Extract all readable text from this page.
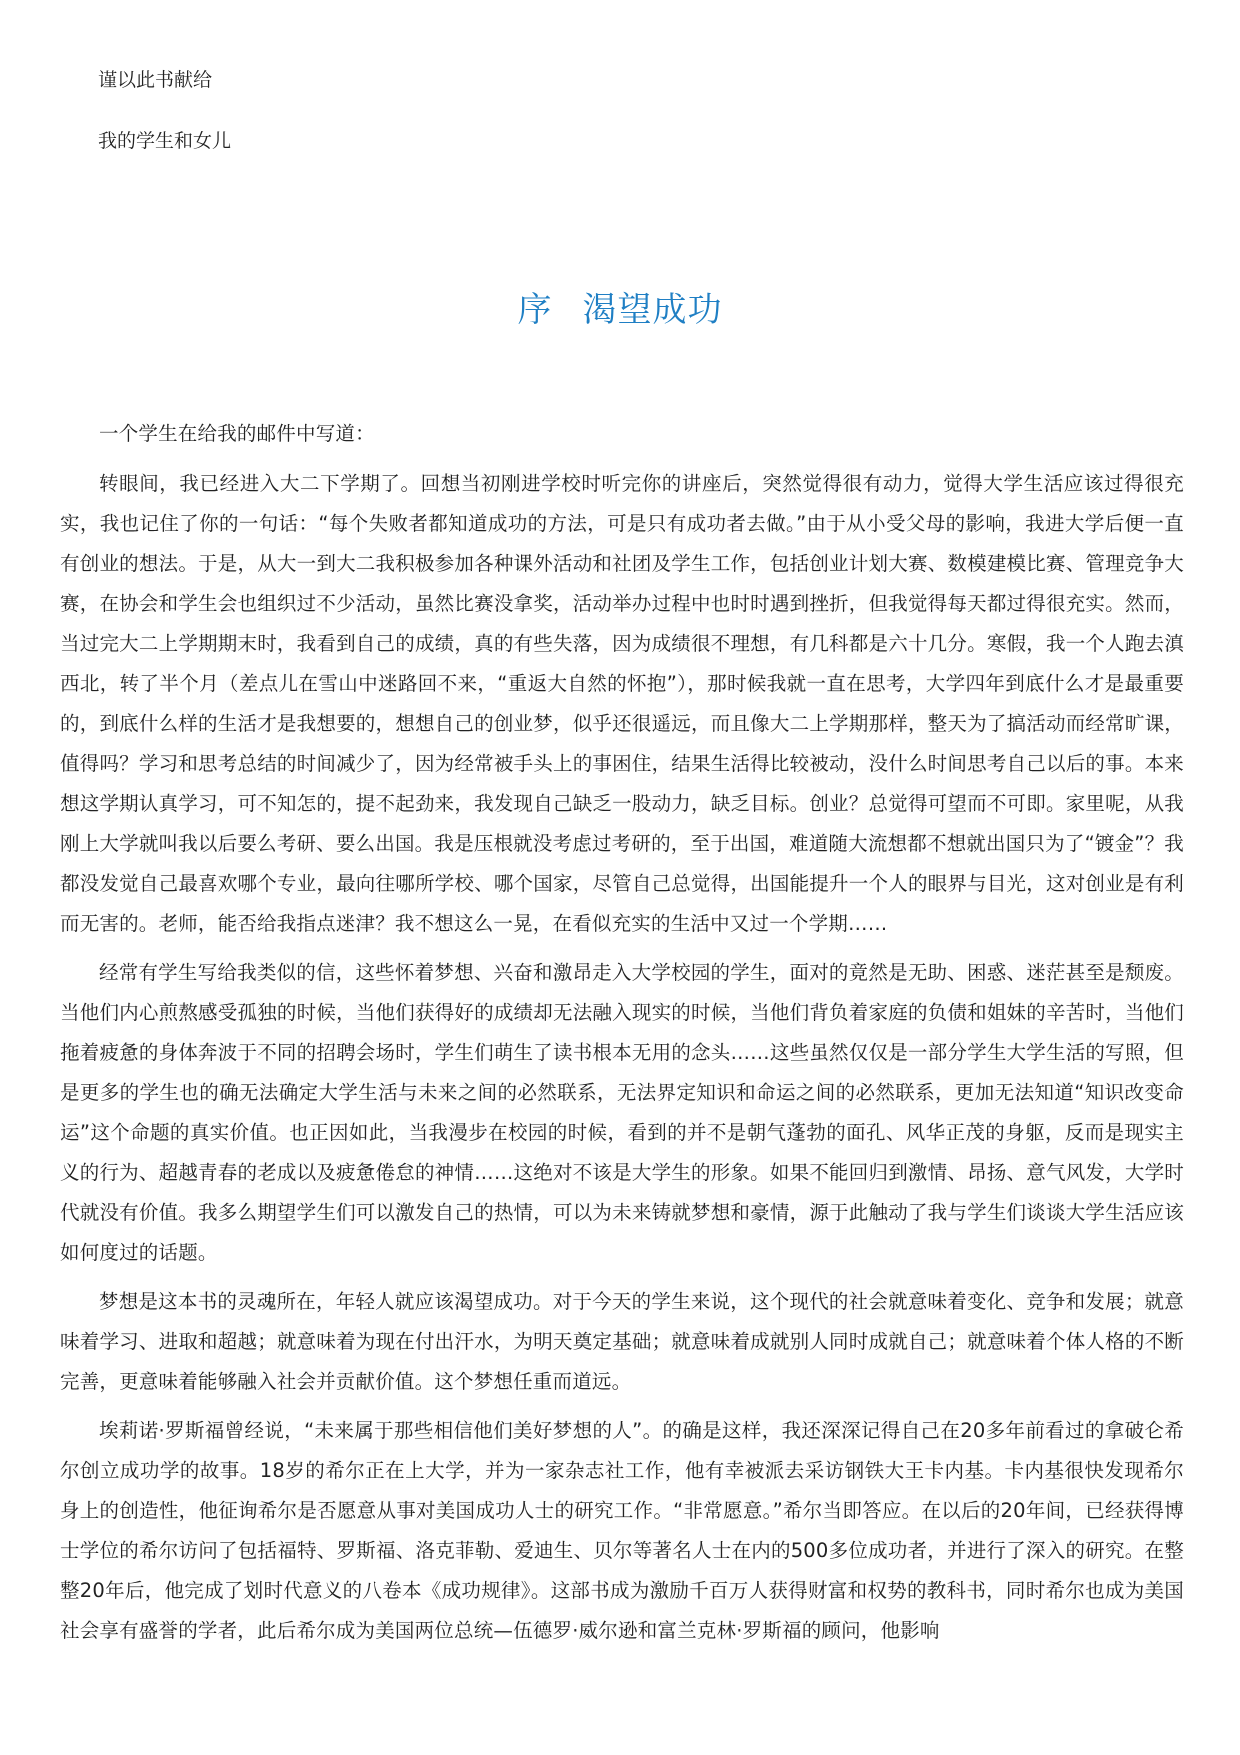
谨以此书献给

我的学生和女儿

序 渴望成功

一个学生在给我的邮件中写道：

转眼间，我已经进入大二下学期了。回想当初刚进学校时听完你的讲座后，突然觉得很有动力，觉得大学生活应该过得很充实，我也记住了你的一句话：“每个失败者都知道成功的方法，可是只有成功者去做。”由于从小受父母的影响，我进大学后便一直有创业的想法。于是，从大一到大二我积极参加各种课外活动和社团及学生工作，包括创业计划大赛、数模建模比赛、管理竞争大赛，在协会和学生会也组织过不少活动，虽然比赛没拿奖，活动举办过程中也时时遇到挫折，但我觉得每天都过得很充实。然而，当过完大二上学期期末时，我看到自己的成绩，真的有些失落，因为成绩很不理想，有几科都是六十几分。寒假，我一个人跑去滇西北，转了半个月（差点儿在雪山中迷路回不来，“重返大自然的怀抱”），那时候我就一直在思考，大学四年到底什么才是最重要的，到底什么样的生活才是我想要的，想想自己的创业梦，似乎还很遥远，而且像大二上学期那样，整天为了搞活动而经常旷课，值得吗？学习和思考总结的时间减少了，因为经常被手头上的事困住，结果生活得比较被动，没什么时间思考自己以后的事。本来想这学期认真学习，可不知怎的，提不起劲来，我发现自己缺乏一股动力，缺乏目标。创业？总觉得可望而不可即。家里呢，从我刚上大学就叫我以后要么考研、要么出国。我是压根就没考虑过考研的，至于出国，难道随大流想都不想就出国只为了“镀金”？我都没发觉自己最喜欢哪个专业，最向往哪所学校、哪个国家，尽管自己总觉得，出国能提升一个人的眼界与目光，这对创业是有利而无害的。老师，能否给我指点迷津？我不想这么一晃，在看似充实的生活中又过一个学期……

经常有学生写给我类似的信，这些怀着梦想、兴奋和激昂走入大学校园的学生，面对的竟然是无助、困惑、迷茫甚至是颓废。当他们内心煎熬感受孤独的时候，当他们获得好的成绩却无法融入现实的时候，当他们背负着家庭的负债和姐妹的辛苦时，当他们拖着疲惫的身体奔波于不同的招聘会场时，学生们萌生了读书根本无用的念头……这些虽然仅仅是一部分学生大学生活的写照，但是更多的学生也的确无法确定大学生活与未来之间的必然联系，无法界定知识和命运之间的必然联系，更加无法知道“知识改变命运”这个命题的真实价值。也正因如此，当我漫步在校园的时候，看到的并不是朝气蓬勃的面孔、风华正茂的身躯，反而是现实主义的行为、超越青春的老成以及疲惫倦怠的神情……这绝对不该是大学生的形象。如果不能回归到激情、昂扬、意气风发，大学时代就没有价值。我多么期望学生们可以激发自己的热情，可以为未来铸就梦想和豪情，源于此触动了我与学生们谈谈大学生活应该如何度过的话题。

梦想是这本书的灵魂所在，年轻人就应该渴望成功。对于今天的学生来说，这个现代的社会就意味着变化、竞争和发展；就意味着学习、进取和超越；就意味着为现在付出汗水，为明天奠定基础；就意味着成就别人同时成就自己；就意味着个体人格的不断完善，更意味着能够融入社会并贡献价值。这个梦想任重而道远。

埃莉诺·罗斯福曾经说，“未来属于那些相信他们美好梦想的人”。的确是这样，我还深深记得自己在20多年前看过的拿破仑希尔创立成功学的故事。18岁的希尔正在上大学，并为一家杂志社工作，他有幸被派去采访钢铁大王卡内基。卡内基很快发现希尔身上的创造性，他征询希尔是否愿意从事对美国成功人士的研究工作。“非常愿意。”希尔当即答应。在以后的20年间，已经获得博士学位的希尔访问了包括福特、罗斯福、洛克菲勒、爱迪生、贝尔等著名人士在内的500多位成功者，并进行了深入的研究。在整整20年后，他完成了划时代意义的八卷本《成功规律》。这部书成为激励千百万人获得财富和权势的教科书，同时希尔也成为美国社会享有盛誉的学者，此后希尔成为美国两位总统—伍德罗·威尔逊和富兰克林·罗斯福的顾问，他影响
